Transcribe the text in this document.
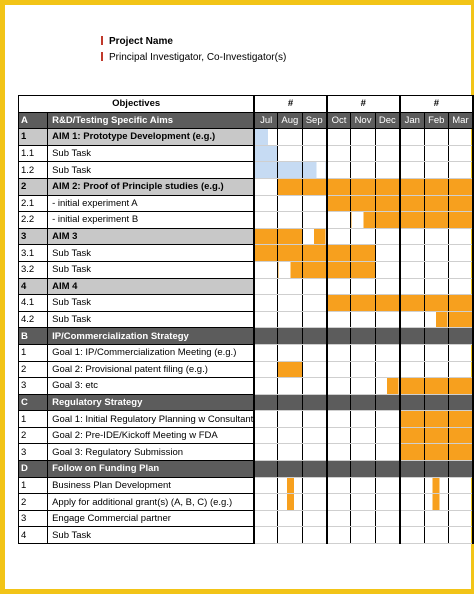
Project Name
Principal Investigator, Co-Investigator(s)
Objectives		#			#			#		
A	R&D/Testing Specific Aims	Jul	Aug	Sep	Oct	Nov	Dec	Jan	Feb	Mar
1	AIM 1: Prototype Development (e.g.)									
1.1	Sub Task									
1.2	Sub Task									
2	AIM 2: Proof of Principle studies (e.g.)									
2.1	- initial experiment A									
2.2	- initial experiment B									
3	AIM 3									
3.1	Sub Task									
3.2	Sub Task									
4	AIM 4									
4.1	Sub Task									
4.2	Sub Task									
B	IP/Commercialization Strategy									
1	Goal 1: IP/Commercialization Meeting (e.g.)									
2	Goal 2: Provisional patent filing (e.g.)									
3	Goal 3: etc									
C	Regulatory Strategy									
1	Goal 1: Initial Regulatory Planning w Consultant									
2	Goal 2: Pre-IDE/Kickoff Meeting w FDA									
3	Goal 3: Regulatory Submission									
D	Follow on Funding Plan									
1	Business Plan Development									
2	Apply for additional grant(s) (A, B, C) (e.g.)									
3	Engage Commercial partner									
4	Sub Task									
